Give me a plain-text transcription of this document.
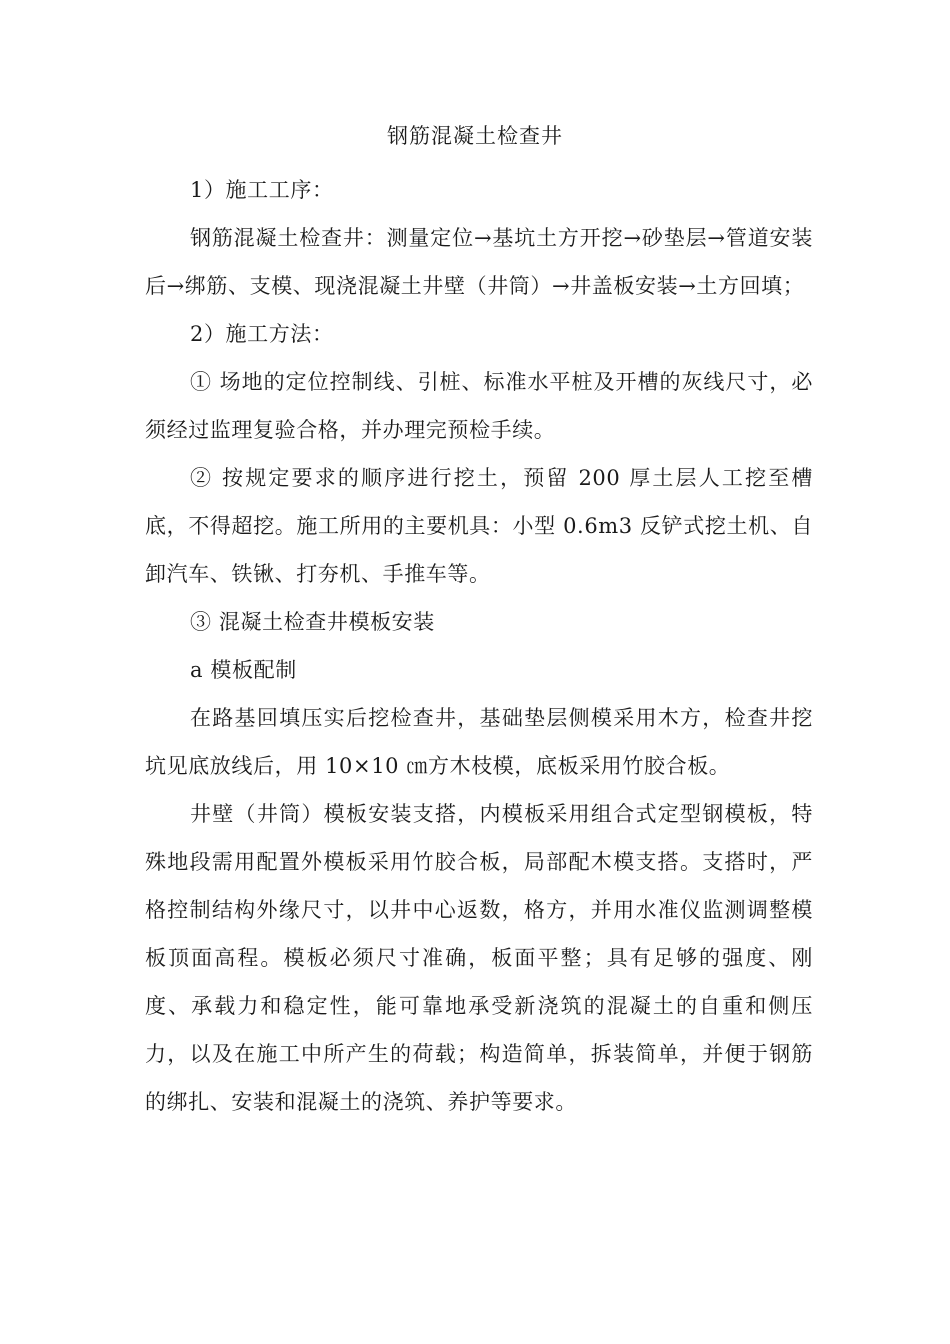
钢筋混凝土检查井

1）施工工序：

钢筋混凝土检查井：测量定位→基坑土方开挖→砂垫层→管道安装后→绑筋、支模、现浇混凝土井壁（井筒）→井盖板安装→土方回填；

2）施工方法：

① 场地的定位控制线、引桩、标准水平桩及开槽的灰线尺寸，必须经过监理复验合格，并办理完预检手续。

② 按规定要求的顺序进行挖土，预留 200 厚土层人工挖至槽底，不得超挖。施工所用的主要机具：小型 0.6m3 反铲式挖土机、自卸汽车、铁锹、打夯机、手推车等。

③ 混凝土检查井模板安装

a 模板配制

在路基回填压实后挖检查井，基础垫层侧模采用木方，检查井挖坑见底放线后，用 10×10 ㎝方木枝模，底板采用竹胶合板。

井壁（井筒）模板安装支搭，内模板采用组合式定型钢模板，特殊地段需用配置外模板采用竹胶合板，局部配木模支搭。支搭时，严格控制结构外缘尺寸，以井中心返数，格方，并用水准仪监测调整模板顶面高程。模板必须尺寸准确，板面平整；具有足够的强度、刚度、承载力和稳定性，能可靠地承受新浇筑的混凝土的自重和侧压力，以及在施工中所产生的荷载；构造简单，拆装简单，并便于钢筋的绑扎、安装和混凝土的浇筑、养护等要求。
